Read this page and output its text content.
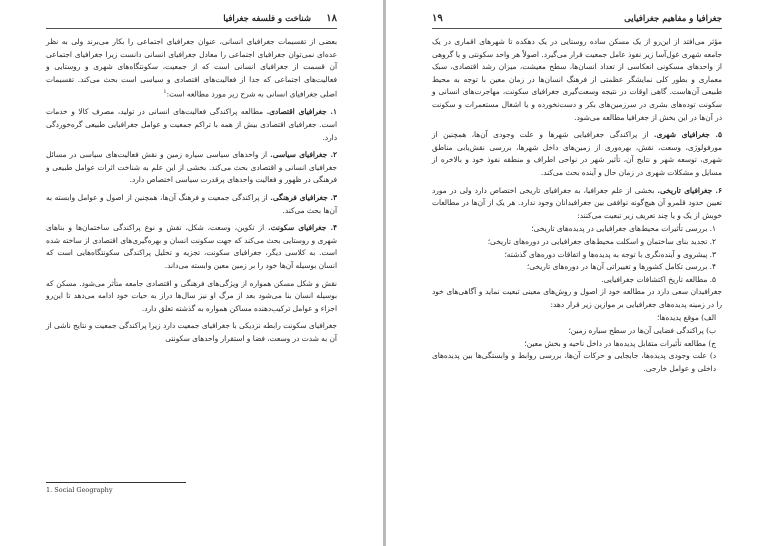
۱۸
شناخت و فلسفه جغرافیا

بعضی از تقسیمات جغرافیای انسانی، عنوان جغرافیای اجتماعی را بکار می‌برند ولی به نظر عده‌ای نمی‌توان جغرافیای اجتماعی را معادل جغرافیای انسانی دانست زیرا جغرافیای اجتماعی آن قسمت از جغرافیای انسانی است که از جمعیت، سکونتگاه‌های شهری و روستایی و فعالیت‌های اجتماعی که جدا از فعالیت‌های اقتصادی و سیاسی است بحث می‌کند. تقسیمات اصلی جغرافیای انسانی به شرح زیر مورد مطالعه است:$^1$

۱. جغرافیای اقتصادی. مطالعه پراکندگی فعالیت‌های انسانی در تولید، مصرف کالا و خدمات است. جغرافیای اقتصادی بیش از همه با تراکم جمعیت و عوامل جغرافیایی طبیعی گره‌خوردگی دارد.

۲. جغرافیای سیاسی. از واحدهای سیاسی سیاره زمین و نقش فعالیت‌های سیاسی در مسائل جغرافیای انسانی و اقتصادی بحث می‌کند. بخشی از این علم به شناخت اثرات عوامل طبیعی و فرهنگی در ظهور و فعالیت واحدهای پرقدرت سیاسی اختصاص دارد.

۳. جغرافیای فرهنگی. از پراکندگی جمعیت و فرهنگ آن‌ها، همچنین از اصول و عوامل وابسته به آن‌ها بحث می‌کند.

۴. جغرافیای سکونت. از تکوین، وسعت، شکل، نقش و نوع پراکندگی ساختمان‌ها و بناهای شهری و روستایی بحث می‌کند که جهت سکونت انسان و بهره‌گیری‌های اقتصادی از ساخته شده است. به کلاسی دیگر، جغرافیای سکونت، تجزیه و تحلیل پراکندگی سکونتگاه‌هایی است که انسان بوسیله آن‌ها خود را بر زمین معین وابسته می‌داند.

نقش و شکل مسکن همواره از ویژگی‌های فرهنگی و اقتصادی جامعه متأثر می‌شود. مسکن که بوسیله انسان بنا می‌شود بعد از مرگ او نیز سال‌ها دراز به حیات خود ادامه می‌دهد تا این‌رو اجزاء و عوامل ترکیب‌دهنده مساکن همواره به گذشته تعلق دارد.

جغرافیای سکونت رابطه نزدیکی با جغرافیای جمعیت دارد زیرا پراکندگی جمعیت و نتایج ناشی از آن به شدت در وسعت، فضا و استقرار واحدهای سکونتی

1. Social Geography
جغرافیا و مفاهیم جغرافیایی
۱۹

مؤثر می‌افتد از این‌رو از یک مسکن ساده روستایی در یک دهکده تا شهرهای اقماری در یک جامعه شهری غول‌آسا زیر نفوذ عامل جمعیت قرار می‌گیرد. اصولاً هر واحد سکونتی و یا گروهی از واحدهای مسکونی انعکاسی از تعداد انسان‌ها، سطح معیشت، میزان رشد اقتصادی، سبک معماری و بطور کلی نمایشگر عظمتی از فرهنگ انسان‌ها در زمان معین با توجه به محیط طبیعی آن‌هاست. گاهی اوقات در نتیجه وسعت‌گیری جغرافیای سکونت، مهاجرت‌های انسانی و سکونت توده‌های بشری در سرزمین‌های بکر و دست‌نخورده و یا اشغال مستعمرات و سکونت در آن‌ها در این بخش از جغرافیا مطالعه می‌شود.

۵. جغرافیای شهری. از پراکندگی جغرافیایی شهرها و علت وجودی آن‌ها، همچنین از مورفولوژی، وسعت، نقش، بهره‌وری از زمین‌های داخل شهرها، بررسی نقش‌یابی مناطق شهری، توسعه شهر و نتایج آن، تأثیر شهر در نواحی اطراف و منطقه نفوذ خود و بالاخره از مسایل و مشکلات شهری در زمان حال و آینده بحث می‌کند.

۶. جغرافیای تاریخی. بخشی از علم جغرافیا، به جغرافیای تاریخی اختصاص دارد ولی در مورد تعیین حدود قلمرو آن هیچ‌گونه توافقی بین جغرافیدانان وجود ندارد. هر یک از آن‌ها در مطالعات خویش از یک و یا چند تعریف زیر تبعیت می‌کنند:

۱. بررسی تأثیرات محیط‌های جغرافیایی در پدیده‌های تاریخی؛

۲. تجدید بنای ساختمان و اسکلت محیط‌های جغرافیایی در دوره‌های تاریخی؛

۳. پیشروی و آینده‌نگری با توجه به پدیده‌ها و اتفاقات دوره‌های گذشته؛

۴. بررسی تکامل کشورها و تغییراتی آن‌ها در دوره‌های تاریخی؛

۵. مطالعه تاریخ اکتشافات جغرافیایی.

جغرافیدان سعی دارد در مطالعه خود از اصول و روش‌های معینی تبعیت نماید و آگاهی‌های خود را در زمینه پدیده‌های جغرافیایی بر موازین زیر قرار دهد:

الف) موقع پدیده‌ها؛

ب) پراکندگی فضایی آن‌ها در سطح سیاره زمین؛

ج) مطالعه تأثیرات متقابل پدیده‌ها در داخل ناحیه و بخش معین؛

د) علت وجودی پدیده‌ها، جابجایی و حرکات آن‌ها، بررسی روابط و وابستگی‌ها بین پدیده‌های داخلی و عوامل خارجی.
